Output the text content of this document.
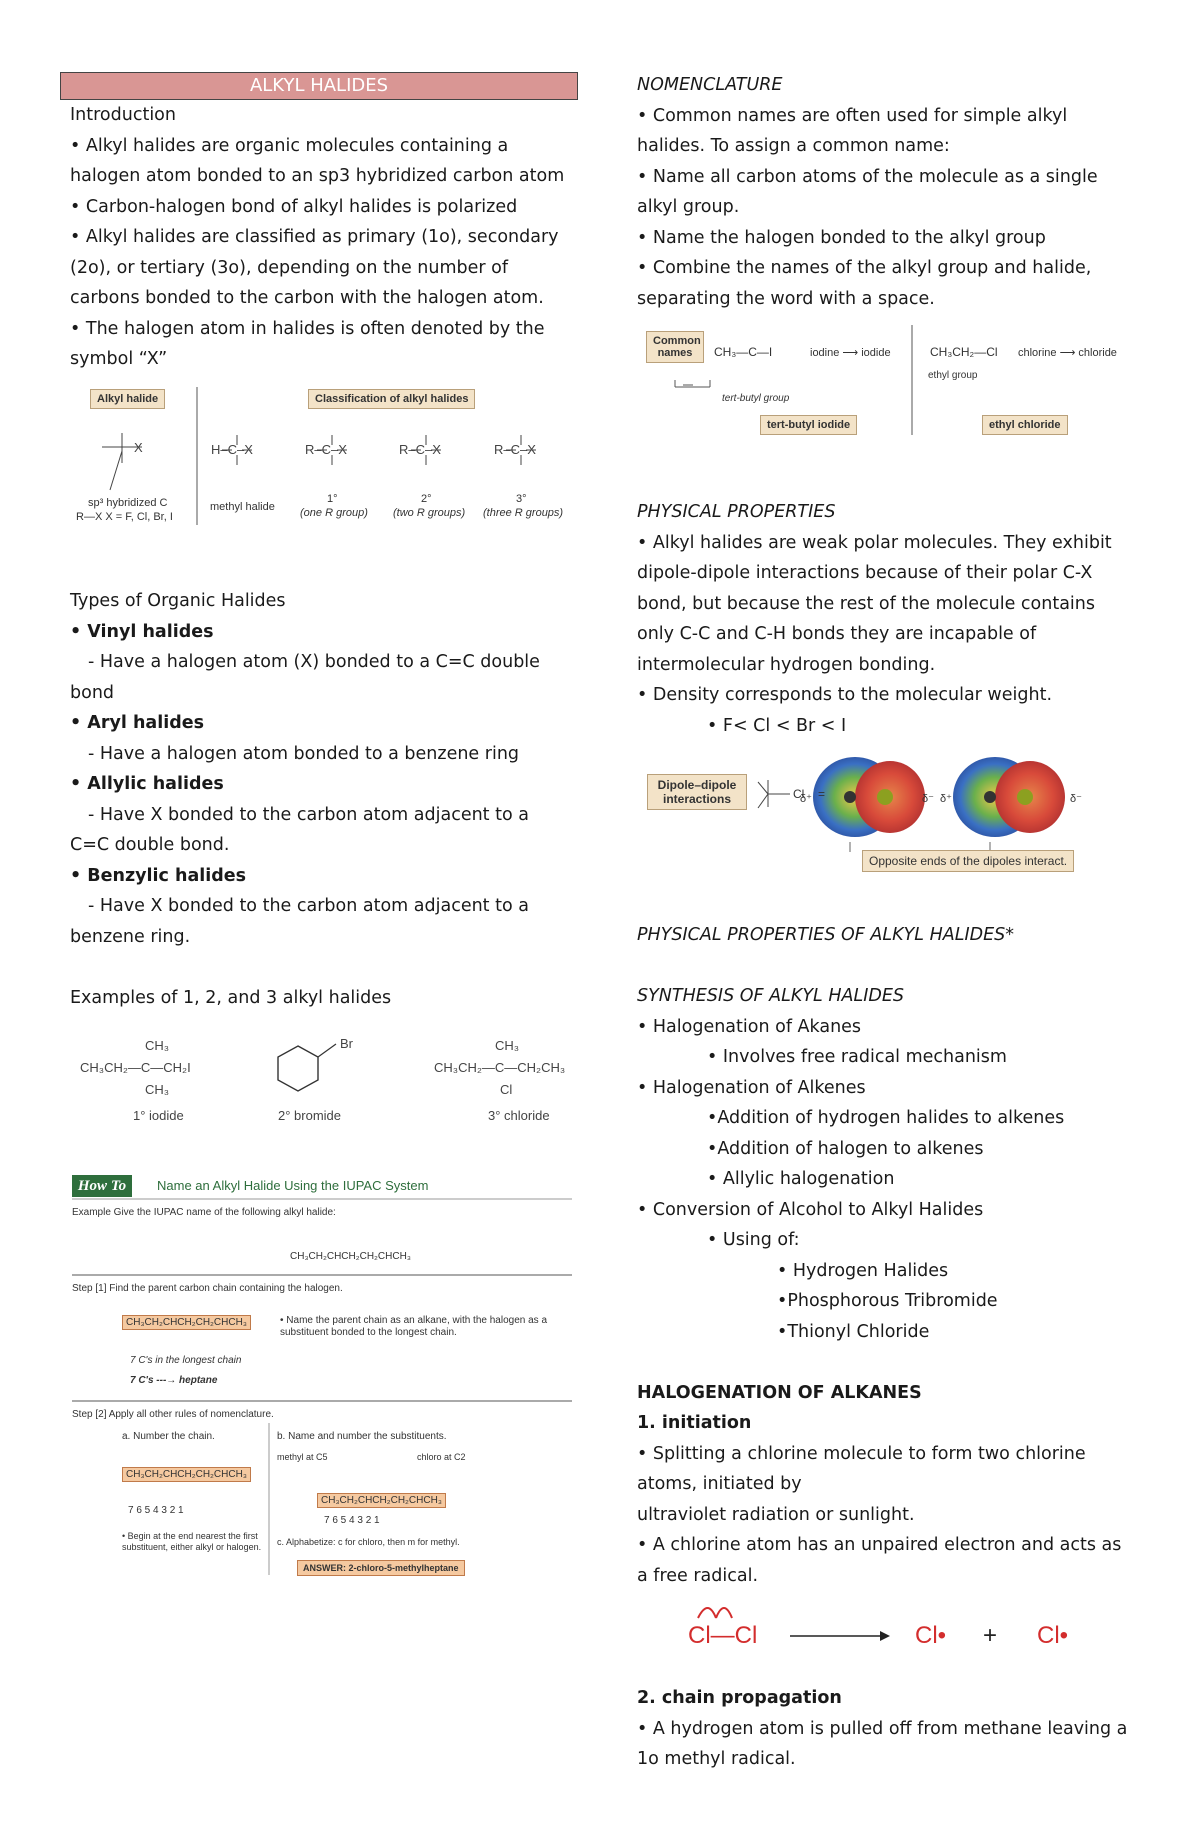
ALKYL HALIDES

Introduction

• Alkyl halides are organic molecules containing a

halogen atom bonded to an sp3 hybridized carbon atom

• Carbon-halogen bond of alkyl halides is polarized

• Alkyl halides are classified as primary (1o), secondary

(2o), or tertiary (3o), depending on the number of

carbons bonded to the carbon with the halogen atom.

• The halogen atom in halides is often denoted by the

symbol “X”

Alkyl halide	Classification of alkyl halides
X
sp³ hybridized C
R—X X = F, Cl, Br, I
H–C–X
methyl halide
R–C–X
1°
(one R group)
R–C–X
2°
(two R groups)
R–C–X
3°
(three R groups)

Types of Organic Halides

• Vinyl halides

- Have a halogen atom (X) bonded to a C=C double

bond

• Aryl halides

- Have a halogen atom bonded to a benzene ring

• Allylic halides

- Have X bonded to the carbon atom adjacent to a

C=C double bond.

• Benzylic halides

- Have X bonded to the carbon atom adjacent to a

benzene ring.

Examples of 1, 2, and 3 alkyl halides

CH₃
CH₃CH₂—C—CH₂I
CH₃
1° iodide
Br
2° bromide
CH₃
CH₃CH₂—C—CH₂CH₃
Cl
3° chloride
How To	Name an Alkyl Halide Using the IUPAC System
Example Give the IUPAC name of the following alkyl halide:
CH₃CH₂CHCH₂CH₂CHCH₃
Step [1] Find the parent carbon chain containing the halogen.
CH₃CH₂CHCH₂CH₂CHCH₃	• Name the parent chain as an alkane, with the halogen as a substituent bonded to the longest chain.
7 C's in the longest chain
7 C's ---→ heptane
Step [2] Apply all other rules of nomenclature.
a. Number the chain.	b. Name and number the substituents.
CH₃CH₂CHCH₂CH₂CHCH₃
7 6 5 4 3 2 1
methyl at C5	chloro at C2
CH₃CH₂CHCH₂CH₂CHCH₃
7 6 5 4 3 2 1
• Begin at the end nearest the first substituent, either alkyl or halogen. c. Alphabetize: c for chloro, then m for methyl.
ANSWER: 2-chloro-5-methylheptane

NOMENCLATURE

• Common names are often used for simple alkyl

halides. To assign a common name:

• Name all carbon atoms of the molecule as a single

alkyl group.

• Name the halogen bonded to the alkyl group

• Combine the names of the alkyl group and halide,

separating the word with a space.

Common names	CH₃—C—I	iodine ⟶ iodide
tert-butyl group
tert-butyl iodide
CH₃CH₂—Cl chlorine ⟶ chloride
ethyl group
ethyl chloride

PHYSICAL PROPERTIES

• Alkyl halides are weak polar molecules. They exhibit

dipole-dipole interactions because of their polar C-X

bond, but because the rest of the molecule contains

only C-C and C-H bonds they are incapable of

intermolecular hydrogen bonding.

• Density corresponds to the molecular weight.

• F< Cl < Br < I

Dipole–dipole interactions	Cl =
δ⁺	δ⁻ δ⁺	δ⁻
Opposite ends of the dipoles interact.

PHYSICAL PROPERTIES OF ALKYL HALIDES*

SYNTHESIS OF ALKYL HALIDES

• Halogenation of Akanes

• Involves free radical mechanism

• Halogenation of Alkenes

•Addition of hydrogen halides to alkenes

•Addition of halogen to alkenes

• Allylic halogenation

• Conversion of Alcohol to Alkyl Halides

• Using of:

• Hydrogen Halides

•Phosphorous Tribromide

•Thionyl Chloride

HALOGENATION OF ALKANES

1. initiation

• Splitting a chlorine molecule to form two chlorine

atoms, initiated by

ultraviolet radiation or sunlight.

• A chlorine atom has an unpaired electron and acts as

a free radical.

Cl—Cl	Cl• + Cl•

2. chain propagation

• A hydrogen atom is pulled off from methane leaving a

1o methyl radical.
